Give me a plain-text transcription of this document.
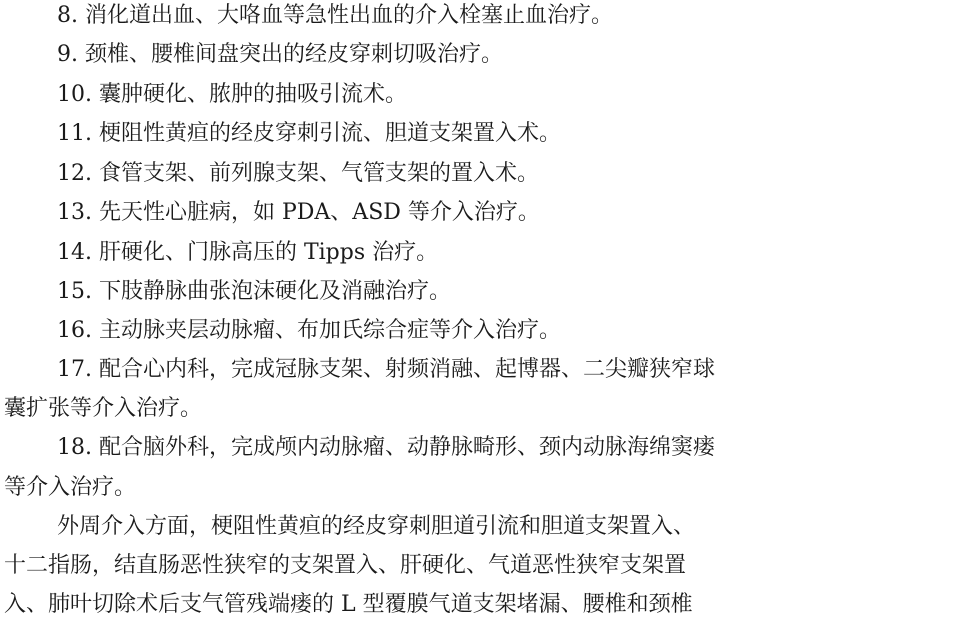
8. 消化道出血、大咯血等急性出血的介入栓塞止血治疗。
9. 颈椎、腰椎间盘突出的经皮穿刺切吸治疗。
10. 囊肿硬化、脓肿的抽吸引流术。
11. 梗阻性黄疸的经皮穿刺引流、胆道支架置入术。
12. 食管支架、前列腺支架、气管支架的置入术。
13. 先天性心脏病，如 PDA、ASD 等介入治疗。
14. 肝硬化、门脉高压的 Tipps 治疗。
15. 下肢静脉曲张泡沫硬化及消融治疗。
16. 主动脉夹层动脉瘤、布加氏综合症等介入治疗。
17. 配合心内科，完成冠脉支架、射频消融、起博器、二尖瓣狭窄球
囊扩张等介入治疗。
18. 配合脑外科，完成颅内动脉瘤、动静脉畸形、颈内动脉海绵窦瘘
等介入治疗。
外周介入方面，梗阻性黄疸的经皮穿刺胆道引流和胆道支架置入、
十二指肠，结直肠恶性狭窄的支架置入、肝硬化、气道恶性狭窄支架置
入、肺叶切除术后支气管残端瘘的 L 型覆膜气道支架堵漏、腰椎和颈椎
